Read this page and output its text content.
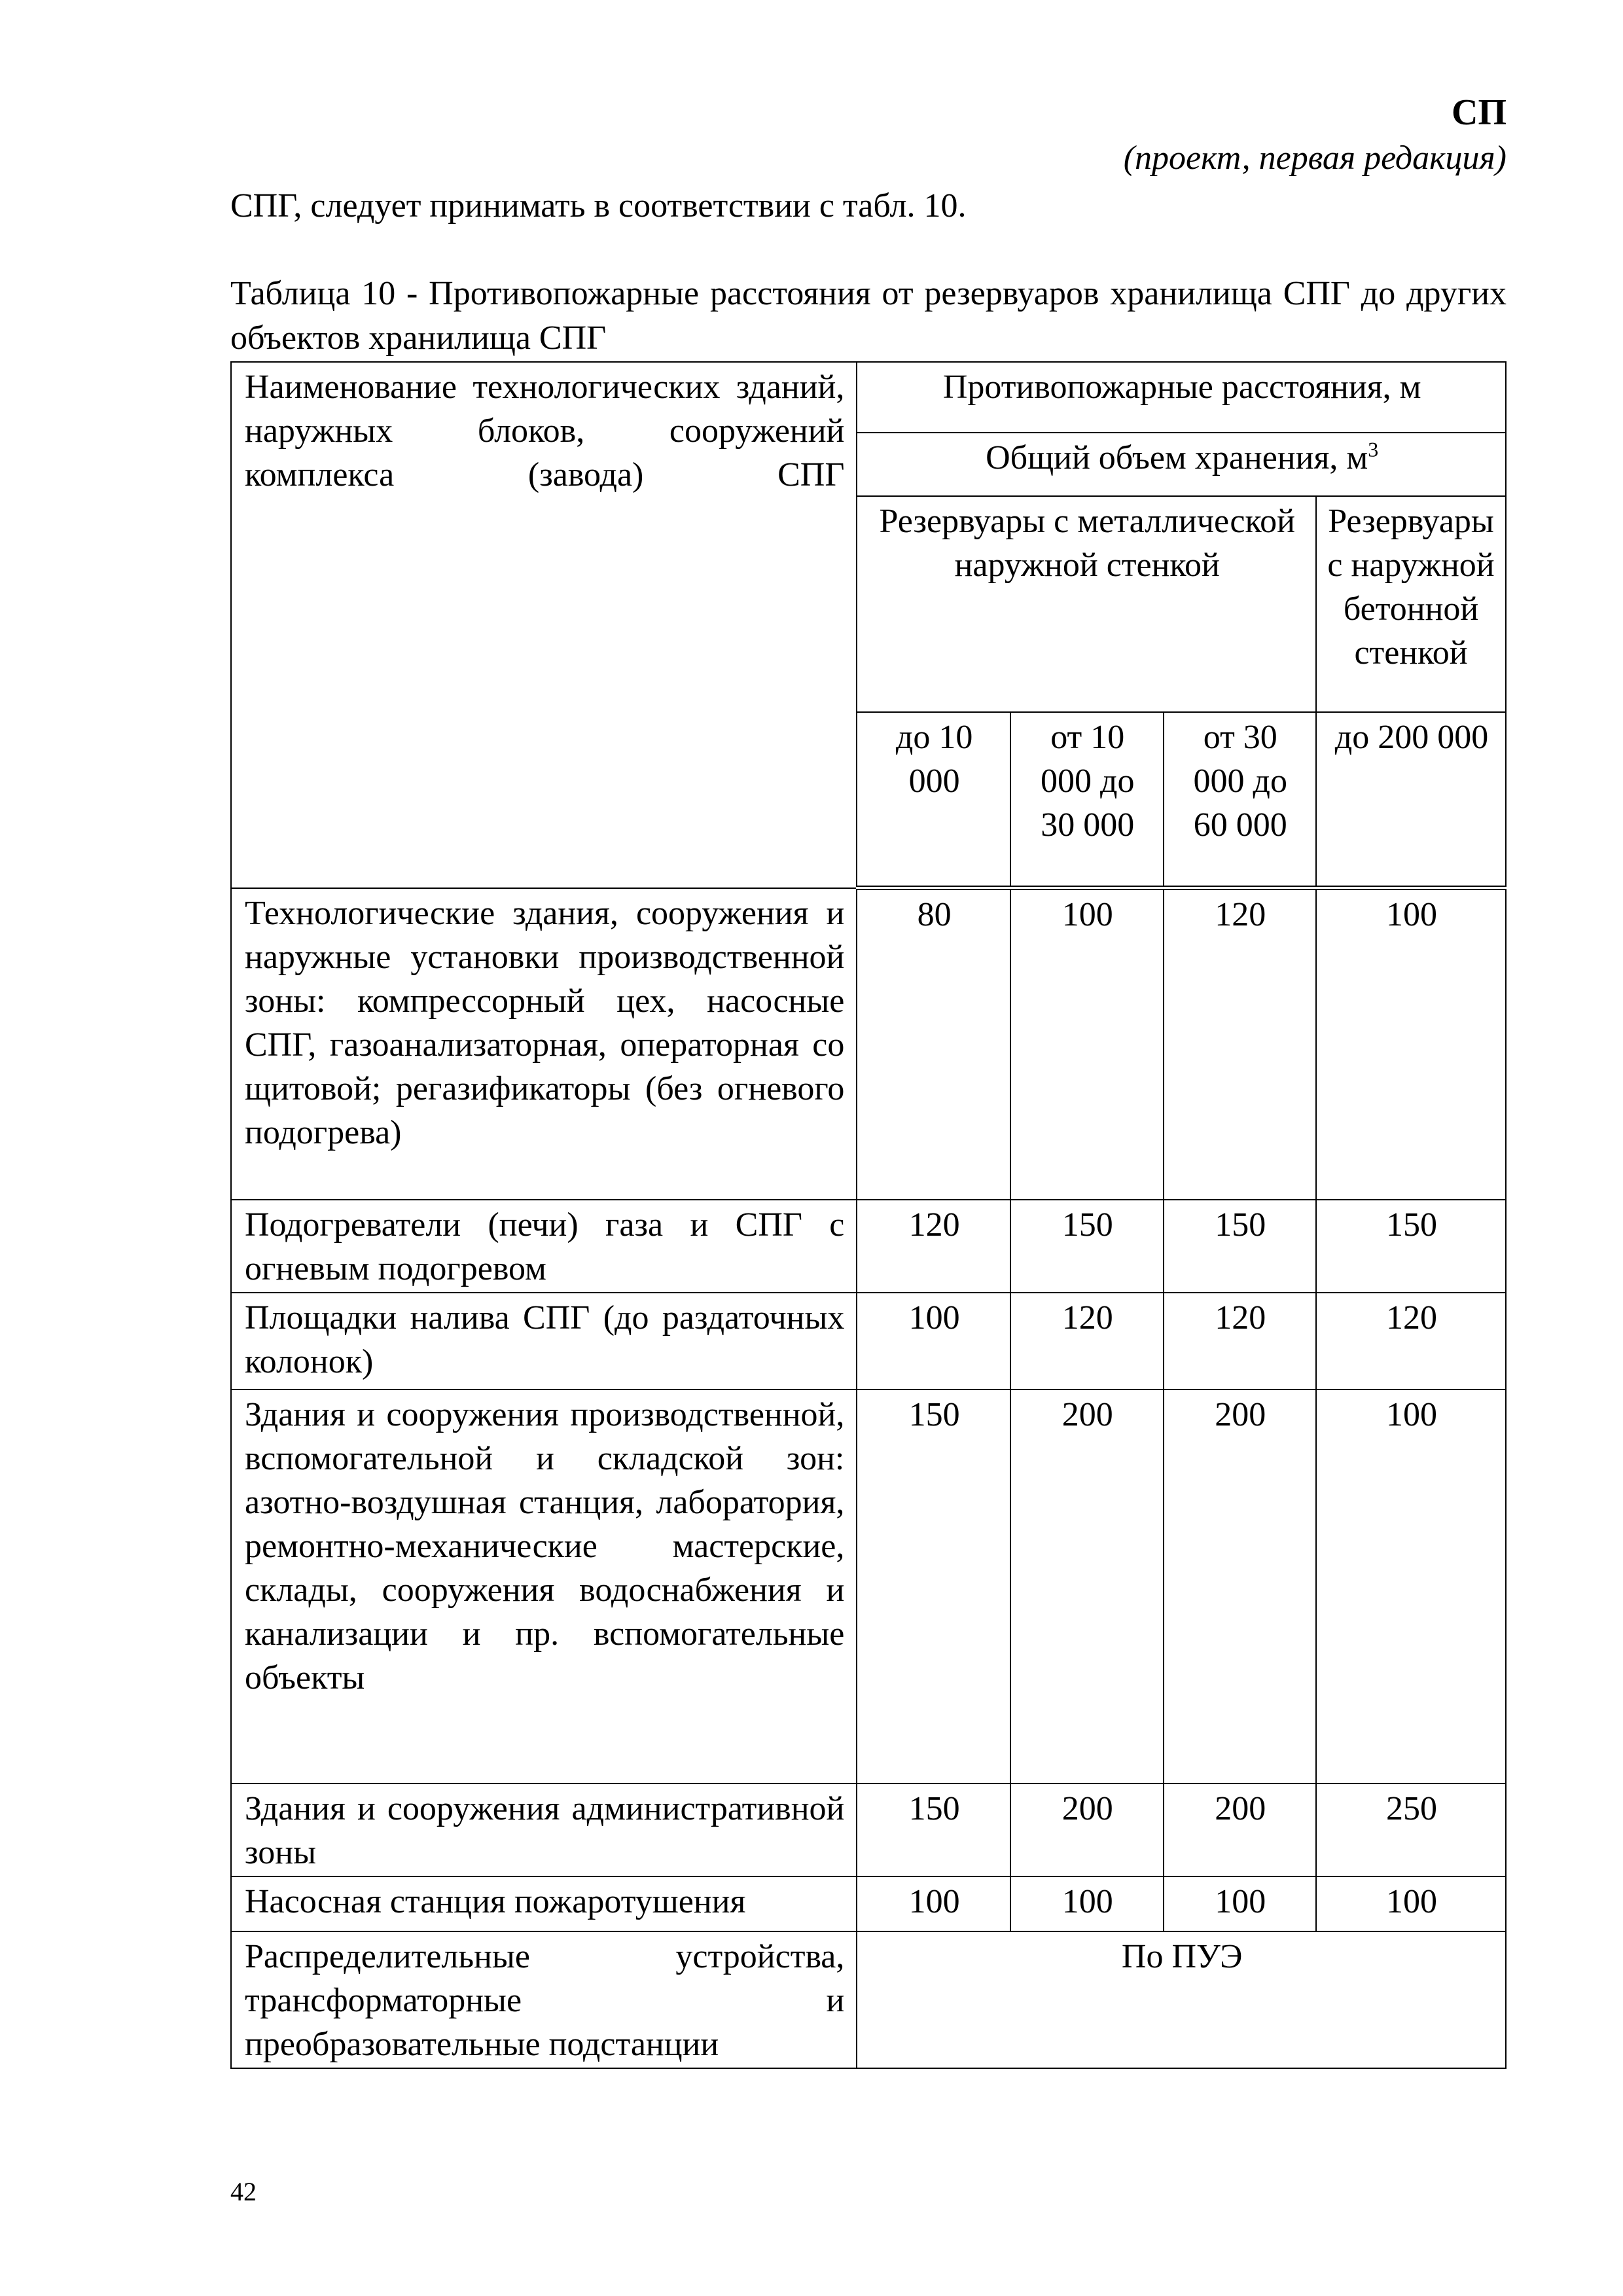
СП
(проект, первая редакция)
СПГ, следует принимать в соответствии с табл. 10.
Таблица 10 - Противопожарные расстояния от резервуаров хранилища СПГ до других объектов хранилища СПГ
Наименование технологических зданий, наружных блоков, сооружений комплекса (завода) СПГ	Противопожарные расстояния, м			
	Общий объем хранения, $м^3$
	Резервуары с металлической наружной стенкой			Резервуары с наружной бетонной стенкой
	до 10 000	от 10 000 до 30 000	от 30 000 до 60 000	до 200 000
Технологические здания, сооружения и наружные установки производственной зоны: компрессорный цех, насосные СПГ, газоанализаторная, операторная со щитовой; регазификаторы (без огневого подогрева)	80	100	120	100
Подогреватели (печи) газа и СПГ с огневым подогревом	120	150	150	150
Площадки налива СПГ (до раздаточных колонок)	100	120	120	120
Здания и сооружения производственной, вспомогательной и складской зон: азотно-воздушная станция, лаборатория, ремонтно-механические мастерские, склады, сооружения водоснабжения и канализации и пр. вспомогательные объекты	150	200	200	100
Здания и сооружения административной зоны	150	200	200	250
Насосная станция пожаротушения	100	100	100	100
Распределительные устройства, трансформаторные и преобразовательные подстанции	По ПУЭ			
42
